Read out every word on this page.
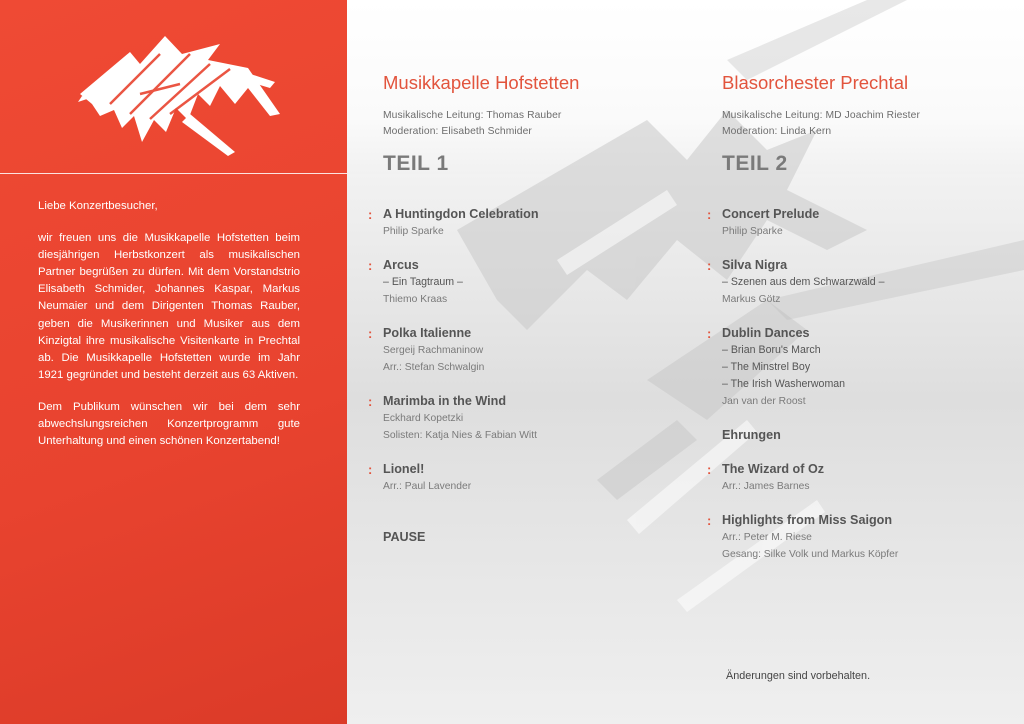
Liebe Konzertbesucher,

wir freuen uns die Musikkapelle Hofstetten beim diesjährigen Herbstkonzert als musikalischen Partner begrüßen zu dürfen. Mit dem Vorstandstrio Elisabeth Schmider, Johannes Kaspar, Markus Neumaier und dem Dirigenten Thomas Rauber, geben die Musikerinnen und Musiker aus dem Kinzigtal ihre musikalische Visitenkarte in Prechtal ab. Die Musikkapelle Hofstetten wurde im Jahr 1921 gegründet und besteht derzeit aus 63 Aktiven.

Dem Publikum wünschen wir bei dem sehr abwechslungsreichen Konzertprogramm gute Unterhaltung und einen schönen Konzertabend!

Musikkapelle Hofstetten
Musikalische Leitung: Thomas Rauber
Moderation: Elisabeth Schmider
TEIL 1
: A Huntingdon Celebration
Philip Sparke
: Arcus
– Ein Tagtraum –
Thiemo Kraas
: Polka Italienne
Sergeij Rachmaninow
Arr.: Stefan Schwalgin
: Marimba in the Wind
Eckhard Kopetzki
Solisten: Katja Nies & Fabian Witt
: Lionel!
Arr.: Paul Lavender
PAUSE
Blasorchester Prechtal
Musikalische Leitung: MD Joachim Riester
Moderation: Linda Kern
TEIL 2
: Concert Prelude
Philip Sparke
: Silva Nigra
– Szenen aus dem Schwarzwald –
Markus Götz
: Dublin Dances
– Brian Boru's March
– The Minstrel Boy
– The Irish Washerwoman
Jan van der Roost
Ehrungen
: The Wizard of Oz
Arr.: James Barnes
: Highlights from Miss Saigon
Arr.: Peter M. Riese
Gesang: Silke Volk und Markus Köpfer
Änderungen sind vorbehalten.
